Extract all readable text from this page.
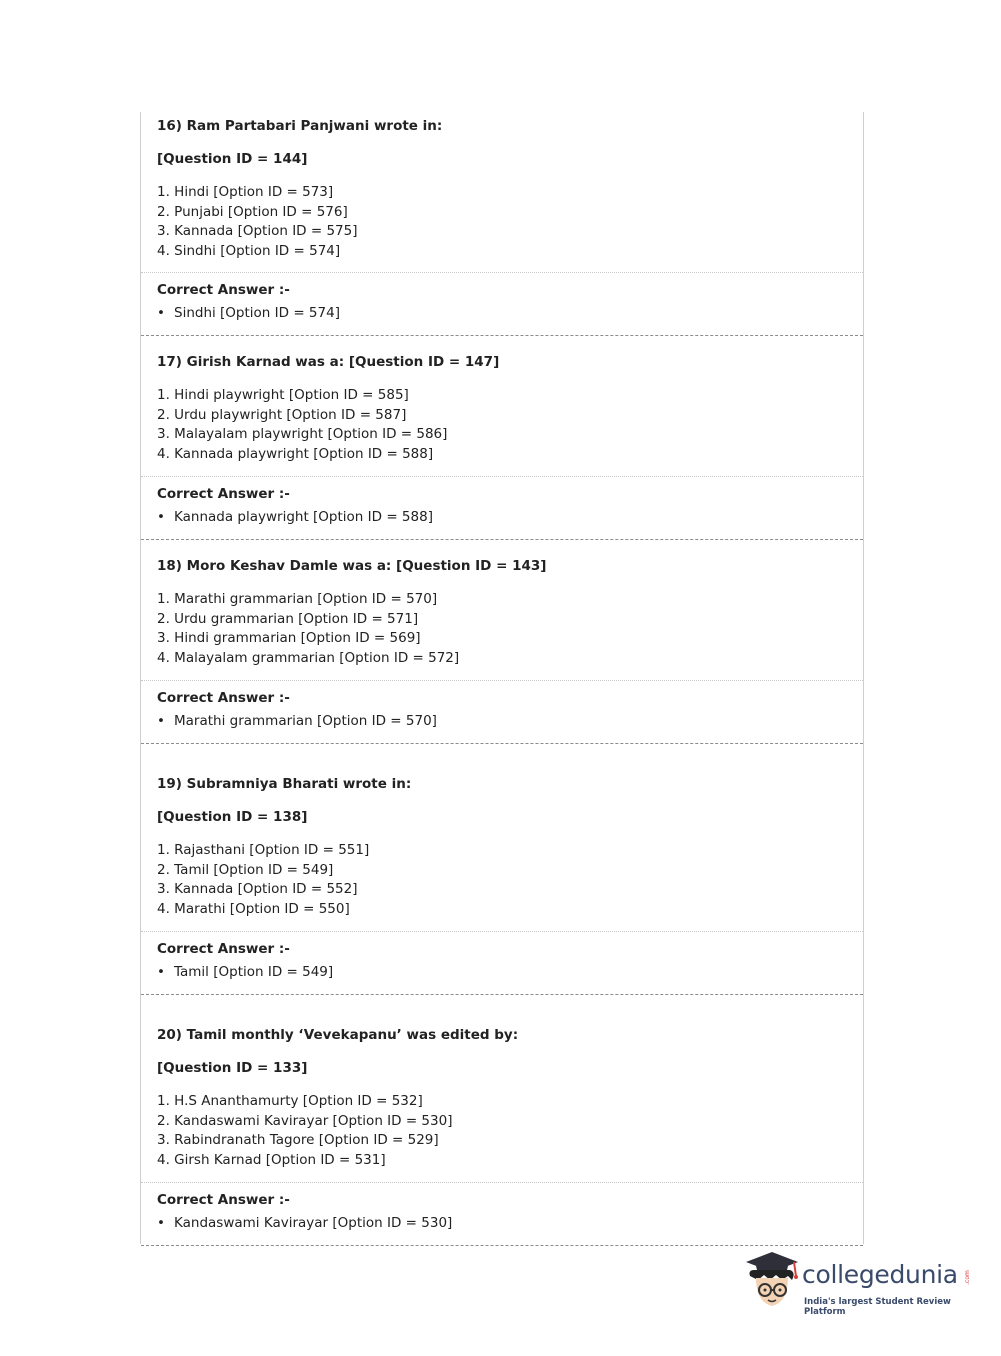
16) Ram Partabari Panjwani wrote in:
[Question ID = 144]
1. Hindi [Option ID = 573]
2. Punjabi [Option ID = 576]
3. Kannada [Option ID = 575]
4. Sindhi [Option ID = 574]
Correct Answer :-
• Sindhi [Option ID = 574]
17) Girish Karnad was a: [Question ID = 147]
1. Hindi playwright [Option ID = 585]
2. Urdu playwright [Option ID = 587]
3. Malayalam playwright [Option ID = 586]
4. Kannada playwright [Option ID = 588]
Correct Answer :-
• Kannada playwright [Option ID = 588]
18) Moro Keshav Damle was a: [Question ID = 143]
1. Marathi grammarian [Option ID = 570]
2. Urdu grammarian [Option ID = 571]
3. Hindi grammarian [Option ID = 569]
4. Malayalam grammarian [Option ID = 572]
Correct Answer :-
• Marathi grammarian [Option ID = 570]
19) Subramniya Bharati wrote in:
[Question ID = 138]
1. Rajasthani [Option ID = 551]
2. Tamil [Option ID = 549]
3. Kannada [Option ID = 552]
4. Marathi [Option ID = 550]
Correct Answer :-
• Tamil [Option ID = 549]
20) Tamil monthly ‘Vevekapanu’ was edited by:
[Question ID = 133]
1. H.S Ananthamurty [Option ID = 532]
2. Kandaswami Kavirayar [Option ID = 530]
3. Rabindranath Tagore [Option ID = 529]
4. Girsh Karnad [Option ID = 531]
Correct Answer :-
• Kandaswami Kavirayar [Option ID = 530]
collegedunia .com
India's largest Student Review Platform
